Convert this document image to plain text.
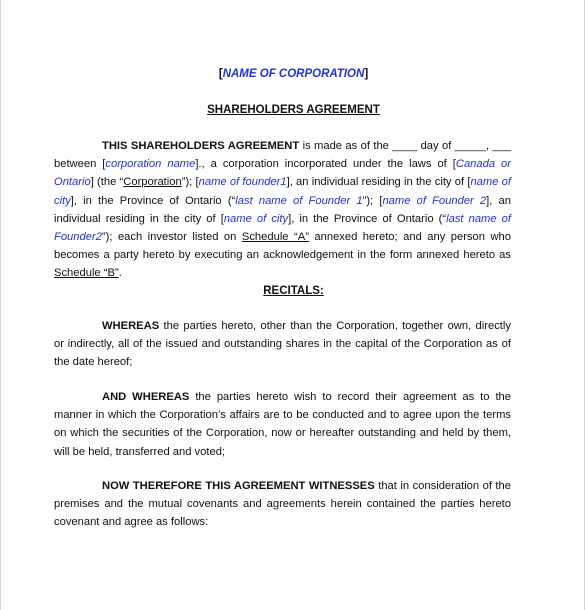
[NAME OF CORPORATION]
SHAREHOLDERS AGREEMENT
THIS SHAREHOLDERS AGREEMENT is made as of the ____ day of _____, ___ between [corporation name]., a corporation incorporated under the laws of [Canada or Ontario] (the “Corporation”); [name of founder1], an individual residing in the city of [name of city], in the Province of Ontario (“last name of Founder 1”); [name of Founder 2], an individual residing in the city of [name of city], in the Province of Ontario (“last name of Founder2”); each investor listed on Schedule “A” annexed hereto; and any person who becomes a party hereto by executing an acknowledgement in the form annexed hereto as Schedule “B”.
RECITALS:
WHEREAS the parties hereto, other than the Corporation, together own, directly or indirectly, all of the issued and outstanding shares in the capital of the Corporation as of the date hereof;
AND WHEREAS the parties hereto wish to record their agreement as to the manner in which the Corporation’s affairs are to be conducted and to agree upon the terms on which the securities of the Corporation, now or hereafter outstanding and held by them, will be held, transferred and voted;
NOW THEREFORE THIS AGREEMENT WITNESSES that in consideration of the premises and the mutual covenants and agreements herein contained the parties hereto covenant and agree as follows:
